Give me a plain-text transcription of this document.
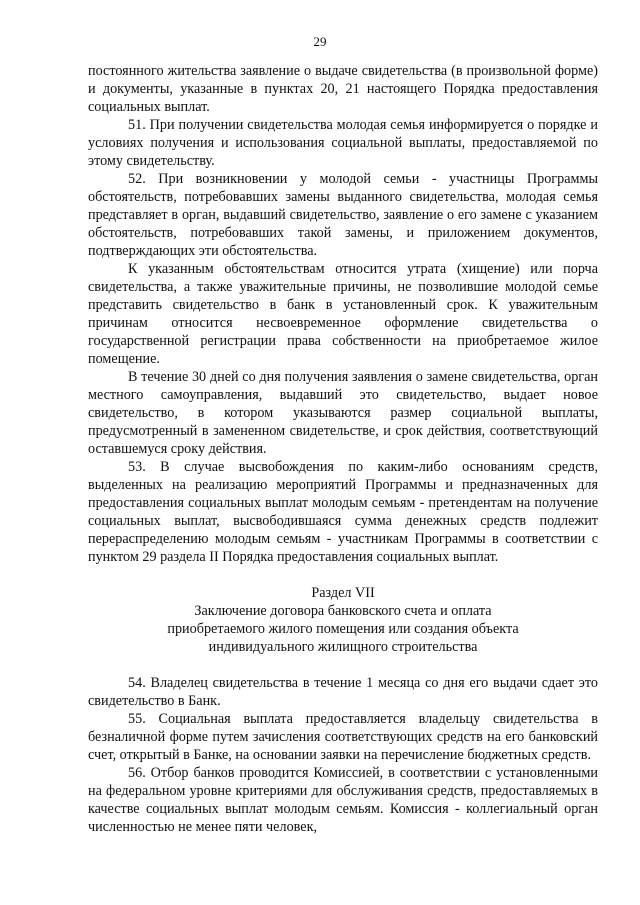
29

постоянного жительства заявление о выдаче свидетельства (в произвольной форме) и документы, указанные в пунктах 20, 21 настоящего Порядка предоставления социальных выплат.

51. При получении свидетельства молодая семья информируется о порядке и условиях получения и использования социальной выплаты, предоставляемой по этому свидетельству.

52. При возникновении у молодой семьи - участницы Программы обстоятельств, потребовавших замены выданного свидетельства, молодая семья представляет в орган, выдавший свидетельство, заявление о его замене с указанием обстоятельств, потребовавших такой замены, и приложением документов, подтверждающих эти обстоятельства.

К указанным обстоятельствам относится утрата (хищение) или порча свидетельства, а также уважительные причины, не позволившие молодой семье представить свидетельство в банк в установленный срок. К уважительным причинам относится несвоевременное оформление свидетельства о государственной регистрации права собственности на приобретаемое жилое помещение.

В течение 30 дней со дня получения заявления о замене свидетельства, орган местного самоуправления, выдавший это свидетельство, выдает новое свидетельство, в котором указываются размер социальной выплаты, предусмотренный в замененном свидетельстве, и срок действия, соответствующий оставшемуся сроку действия.

53. В случае высвобождения по каким-либо основаниям средств, выделенных на реализацию мероприятий Программы и предназначенных для предоставления социальных выплат молодым семьям - претендентам на получение социальных выплат, высвободившаяся сумма денежных средств подлежит перераспределению молодым семьям - участникам Программы в соответствии с пунктом 29 раздела II Порядка предоставления социальных выплат.

Раздел VII
Заключение договора банковского счета и оплата
приобретаемого жилого помещения или создания объекта
индивидуального жилищного строительства

54. Владелец свидетельства в течение 1 месяца со дня его выдачи сдает это свидетельство в Банк.

55. Социальная выплата предоставляется владельцу свидетельства в безналичной форме путем зачисления соответствующих средств на его банковский счет, открытый в Банке, на основании заявки на перечисление бюджетных средств.

56. Отбор банков проводится Комиссией, в соответствии с установленными на федеральном уровне критериями для обслуживания средств, предоставляемых в качестве социальных выплат молодым семьям. Комиссия - коллегиальный орган численностью не менее пяти человек,
